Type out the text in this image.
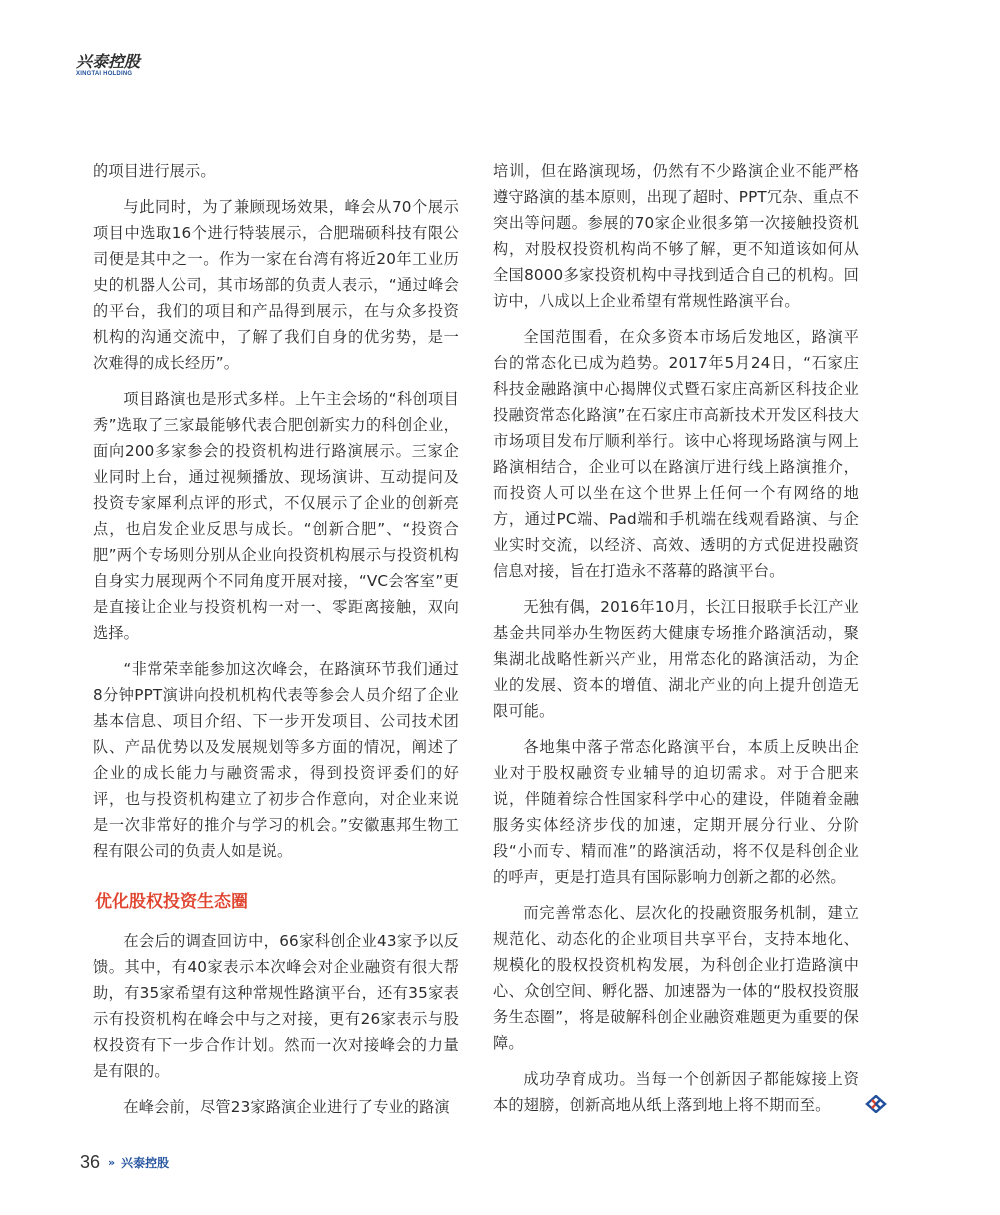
兴泰控股
XINGTAI HOLDING

的项目进行展示。

与此同时，为了兼顾现场效果，峰会从70个展示项目中选取16个进行特装展示，合肥瑞硕科技有限公司便是其中之一。作为一家在台湾有将近20年工业历史的机器人公司，其市场部的负责人表示，“通过峰会的平台，我们的项目和产品得到展示，在与众多投资机构的沟通交流中，了解了我们自身的优劣势，是一次难得的成长经历”。

项目路演也是形式多样。上午主会场的“科创项目秀”选取了三家最能够代表合肥创新实力的科创企业，面向200多家参会的投资机构进行路演展示。三家企业同时上台，通过视频播放、现场演讲、互动提问及投资专家犀利点评的形式，不仅展示了企业的创新亮点，也启发企业反思与成长。“创新合肥”、“投资合肥”两个专场则分别从企业向投资机构展示与投资机构自身实力展现两个不同角度开展对接，“VC会客室”更是直接让企业与投资机构一对一、零距离接触，双向选择。

“非常荣幸能参加这次峰会，在路演环节我们通过8分钟PPT演讲向投机机构代表等参会人员介绍了企业基本信息、项目介绍、下一步开发项目、公司技术团队、产品优势以及发展规划等多方面的情况，阐述了企业的成长能力与融资需求，得到投资评委们的好评，也与投资机构建立了初步合作意向，对企业来说是一次非常好的推介与学习的机会。”安徽惠邦生物工程有限公司的负责人如是说。

优化股权投资生态圈

在会后的调查回访中，66家科创企业43家予以反馈。其中，有40家表示本次峰会对企业融资有很大帮助，有35家希望有这种常规性路演平台，还有35家表示有投资机构在峰会中与之对接，更有26家表示与股权投资有下一步合作计划。然而一次对接峰会的力量是有限的。

在峰会前，尽管23家路演企业进行了专业的路演

培训，但在路演现场，仍然有不少路演企业不能严格遵守路演的基本原则，出现了超时、PPT冗杂、重点不突出等问题。参展的70家企业很多第一次接触投资机构，对股权投资机构尚不够了解，更不知道该如何从全国8000多家投资机构中寻找到适合自己的机构。回访中，八成以上企业希望有常规性路演平台。

全国范围看，在众多资本市场后发地区，路演平台的常态化已成为趋势。2017年5月24日，“石家庄科技金融路演中心揭牌仪式暨石家庄高新区科技企业投融资常态化路演”在石家庄市高新技术开发区科技大市场项目发布厅顺利举行。该中心将现场路演与网上路演相结合，企业可以在路演厅进行线上路演推介，而投资人可以坐在这个世界上任何一个有网络的地方，通过PC端、Pad端和手机端在线观看路演、与企业实时交流，以经济、高效、透明的方式促进投融资信息对接，旨在打造永不落幕的路演平台。

无独有偶，2016年10月，长江日报联手长江产业基金共同举办生物医药大健康专场推介路演活动，聚集湖北战略性新兴产业，用常态化的路演活动，为企业的发展、资本的增值、湖北产业的向上提升创造无限可能。

各地集中落子常态化路演平台，本质上反映出企业对于股权融资专业辅导的迫切需求。对于合肥来说，伴随着综合性国家科学中心的建设，伴随着金融服务实体经济步伐的加速，定期开展分行业、分阶段“小而专、精而准”的路演活动，将不仅是科创企业的呼声，更是打造具有国际影响力创新之都的必然。

而完善常态化、层次化的投融资服务机制，建立规范化、动态化的企业项目共享平台，支持本地化、规模化的股权投资机构发展，为科创企业打造路演中心、众创空间、孵化器、加速器为一体的“股权投资服务生态圈”，将是破解科创企业融资难题更为重要的保障。

成功孕育成功。当每一个创新因子都能嫁接上资本的翅膀，创新高地从纸上落到地上将不期而至。

36 » 兴泰控股
